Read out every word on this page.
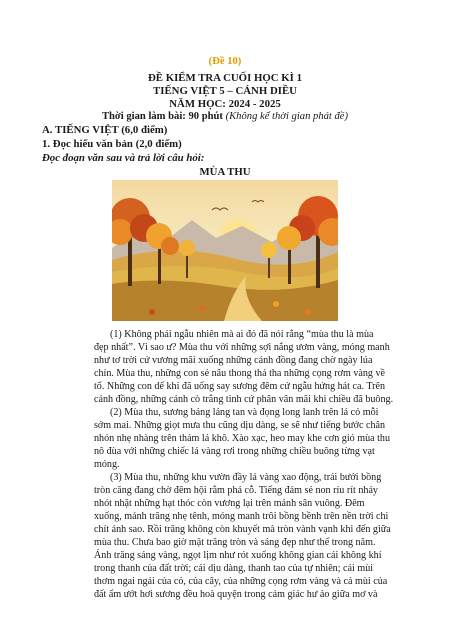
(Đề 10)
ĐỀ KIỂM TRA CUỐI HỌC KÌ 1
TIẾNG VIỆT 5 – CÁNH DIỀU
NĂM HỌC: 2024 - 2025
Thời gian làm bài: 90 phút (Không kể thời gian phát đề)
A. TIẾNG VIỆT (6,0 điểm)
1. Đọc hiểu văn bản (2,0 điểm)
Đọc đoạn văn sau và trả lời câu hỏi:
MÙA THU
(1) Không phải ngẫu nhiên mà ai đó đã nói rằng “mùa thu là mùa
đẹp nhất”. Vì sao ư? Mùa thu với những sợi nắng ươm vàng, móng manh
như tơ trời cứ vương mãi xuống những cánh đồng đang chờ ngày lúa
chín. Mùa thu, những con sẻ nâu thong thả tha những cọng rơm vàng về
tổ. Những con dế khi đã uống say sương đêm cứ ngẫu hứng hát ca. Trên
cánh đồng, những cánh cò trắng tinh cứ phân vân mãi khi chiều đã buông.
(2) Mùa thu, sương bảng lảng tan và đọng long lanh trên lá cỏ mỗi
sớm mai. Những giọt mưa thu cũng dịu dàng, se sẽ như tiếng bước chân
nhón nhẹ nhàng trên thảm lá khô. Xào xạc, heo may khe cơn gió mùa thu
nô đùa với những chiếc lá vàng rơi trong những chiều buông từng vạt
móng.
(3) Mùa thu, những khu vườn đầy lá vàng xao động, trái bưởi bồng
tròn căng đang chờ đêm hội rằm phá cỗ. Tiếng đám sẻ non ríu rít nháy
nhót nhặt những hạt thóc còn vương lại trên mảnh sân vuông. Đêm
xuống, mảnh trăng nhẹ tênh, móng manh trôi bồng bềnh trên nền trời chi
chít ánh sao. Rồi trăng không còn khuyết mà tròn vành vạnh khi đến giữa
mùa thu. Chưa bao giờ mặt trăng tròn và sáng đẹp như thế trong năm.
Ánh trăng sáng vàng, ngọt lịm như rót xuống không gian cái không khí
trong thanh của đất trời; cái dịu dàng, thanh tao của tự nhiên; cái mùi
thơm ngai ngái của cỏ, của cây, của những cọng rơm vàng và cả mùi của
đất ẩm ướt hơi sương đều hoà quyện trong cảm giác hư ảo giữa mơ và
